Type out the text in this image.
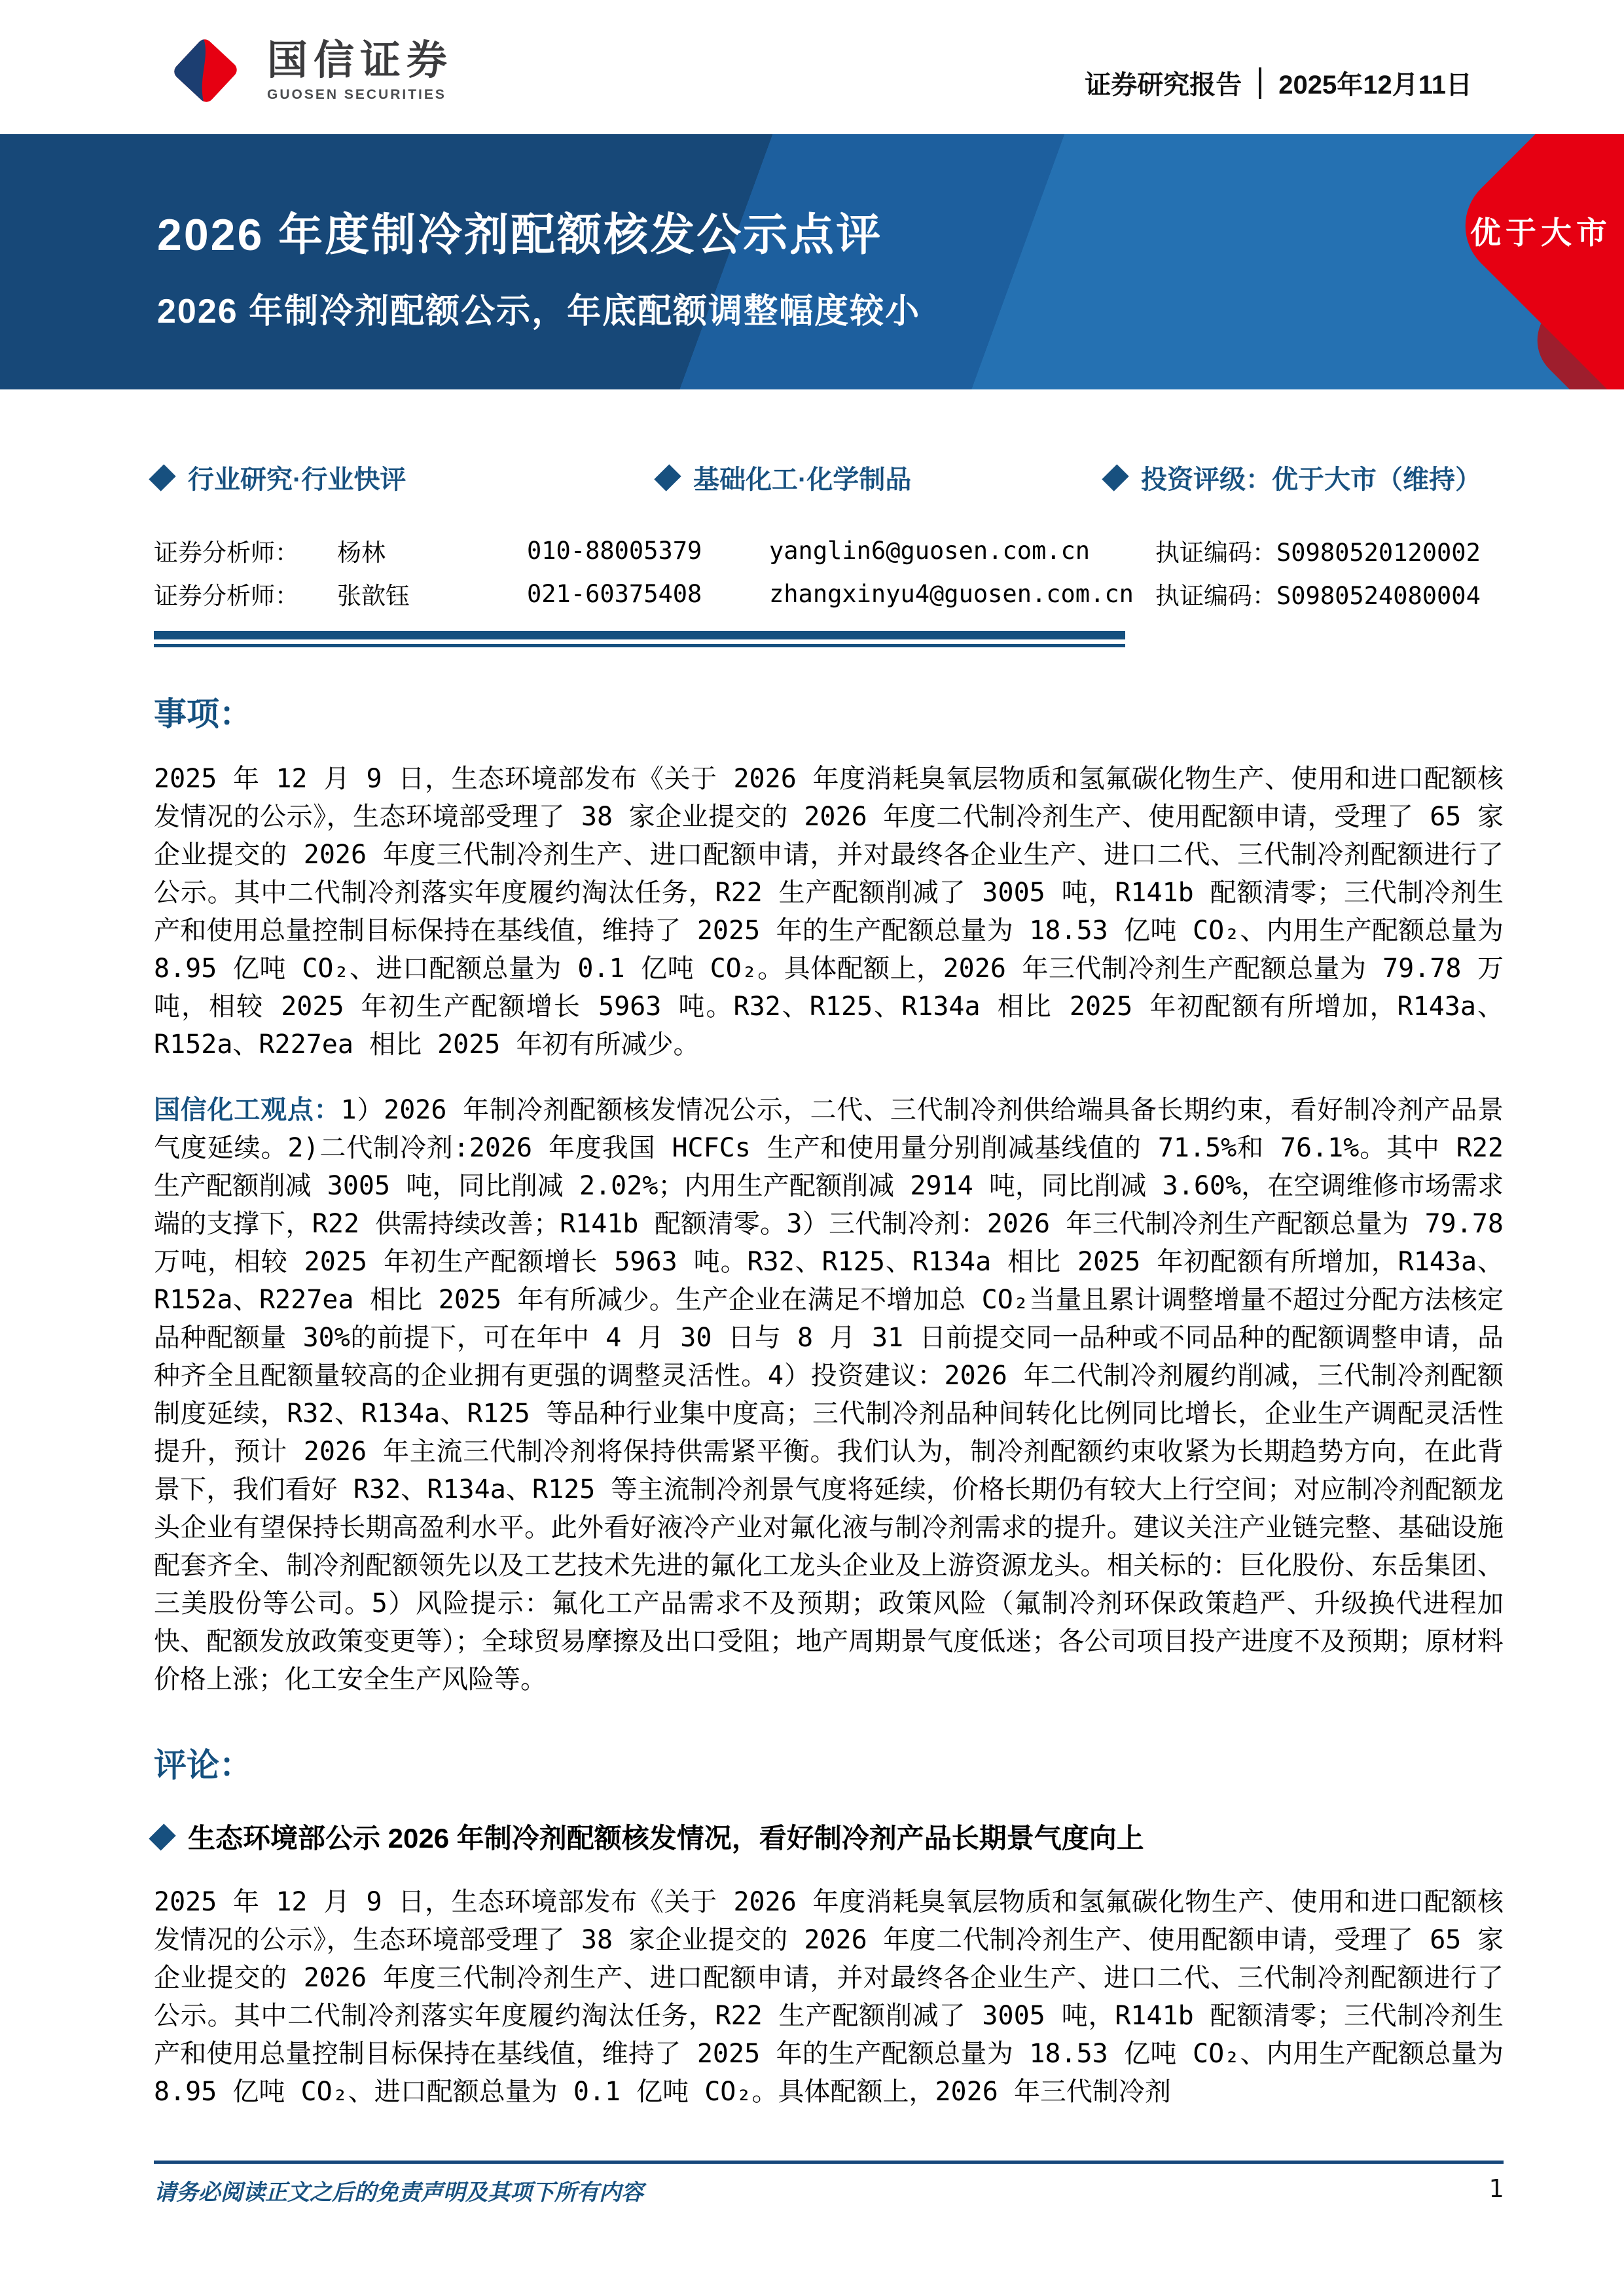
国信证券
GUOSEN SECURITIES	证券研究报告 2025年12月11日
2026 年度制冷剂配额核发公示点评
2026 年制冷剂配额公示，年底配额调整幅度较小
优于大市
行业研究·行业快评	基础化工·化学制品	投资评级：优于大市（维持）
证券分析师：	杨林	010-88005379	yanglin6@guosen.com.cn	执证编码：S0980520120002
证券分析师：	张歆钰	021-60375408	zhangxinyu4@guosen.com.cn 执证编码：S0980524080004
事项：

2025 年 12 月 9 日，生态环境部发布《关于 2026 年度消耗臭氧层物质和氢氟碳化物生产、使用和进口配额核发情况的公示》，生态环境部受理了 38 家企业提交的 2026 年度二代制冷剂生产、使用配额申请，受理了 65 家企业提交的 2026 年度三代制冷剂生产、进口配额申请，并对最终各企业生产、进口二代、三代制冷剂配额进行了公示。其中二代制冷剂落实年度履约淘汰任务，R22 生产配额削减了 3005 吨，R141b 配额清零；三代制冷剂生产和使用总量控制目标保持在基线值，维持了 2025 年的生产配额总量为 18.53 亿吨 CO₂、内用生产配额总量为 8.95 亿吨 CO₂、进口配额总量为 0.1 亿吨 CO₂。具体配额上，2026 年三代制冷剂生产配额总量为 79.78 万吨，相较 2025 年初生产配额增长 5963 吨。R32、R125、R134a 相比 2025 年初配额有所增加，R143a、R152a、R227ea 相比 2025 年初有所减少。

国信化工观点：1）2026 年制冷剂配额核发情况公示，二代、三代制冷剂供给端具备长期约束，看好制冷剂产品景气度延续。2)二代制冷剂:2026 年度我国 HCFCs 生产和使用量分别削减基线值的 71.5%和 76.1%。其中 R22 生产配额削减 3005 吨，同比削减 2.02%；内用生产配额削减 2914 吨，同比削减 3.60%，在空调维修市场需求端的支撑下，R22 供需持续改善；R141b 配额清零。3）三代制冷剂：2026 年三代制冷剂生产配额总量为 79.78 万吨，相较 2025 年初生产配额增长 5963 吨。R32、R125、R134a 相比 2025 年初配额有所增加，R143a、R152a、R227ea 相比 2025 年有所减少。生产企业在满足不增加总 CO₂当量且累计调整增量不超过分配方法核定品种配额量 30%的前提下，可在年中 4 月 30 日与 8 月 31 日前提交同一品种或不同品种的配额调整申请，品种齐全且配额量较高的企业拥有更强的调整灵活性。4）投资建议：2026 年二代制冷剂履约削减，三代制冷剂配额制度延续，R32、R134a、R125 等品种行业集中度高；三代制冷剂品种间转化比例同比增长，企业生产调配灵活性提升，预计 2026 年主流三代制冷剂将保持供需紧平衡。我们认为，制冷剂配额约束收紧为长期趋势方向，在此背景下，我们看好 R32、R134a、R125 等主流制冷剂景气度将延续，价格长期仍有较大上行空间；对应制冷剂配额龙头企业有望保持长期高盈利水平。此外看好液冷产业对氟化液与制冷剂需求的提升。建议关注产业链完整、基础设施配套齐全、制冷剂配额领先以及工艺技术先进的氟化工龙头企业及上游资源龙头。相关标的：巨化股份、东岳集团、三美股份等公司。5）风险提示：氟化工产品需求不及预期；政策风险（氟制冷剂环保政策趋严、升级换代进程加快、配额发放政策变更等）；全球贸易摩擦及出口受阻；地产周期景气度低迷；各公司项目投产进度不及预期；原材料价格上涨；化工安全生产风险等。

评论：
生态环境部公示 2026 年制冷剂配额核发情况，看好制冷剂产品长期景气度向上

2025 年 12 月 9 日，生态环境部发布《关于 2026 年度消耗臭氧层物质和氢氟碳化物生产、使用和进口配额核发情况的公示》，生态环境部受理了 38 家企业提交的 2026 年度二代制冷剂生产、使用配额申请，受理了 65 家企业提交的 2026 年度三代制冷剂生产、进口配额申请，并对最终各企业生产、进口二代、三代制冷剂配额进行了公示。其中二代制冷剂落实年度履约淘汰任务，R22 生产配额削减了 3005 吨，R141b 配额清零；三代制冷剂生产和使用总量控制目标保持在基线值，维持了 2025 年的生产配额总量为 18.53 亿吨 CO₂、内用生产配额总量为 8.95 亿吨 CO₂、进口配额总量为 0.1 亿吨 CO₂。具体配额上，2026 年三代制冷剂

请务必阅读正文之后的免责声明及其项下所有内容	1
